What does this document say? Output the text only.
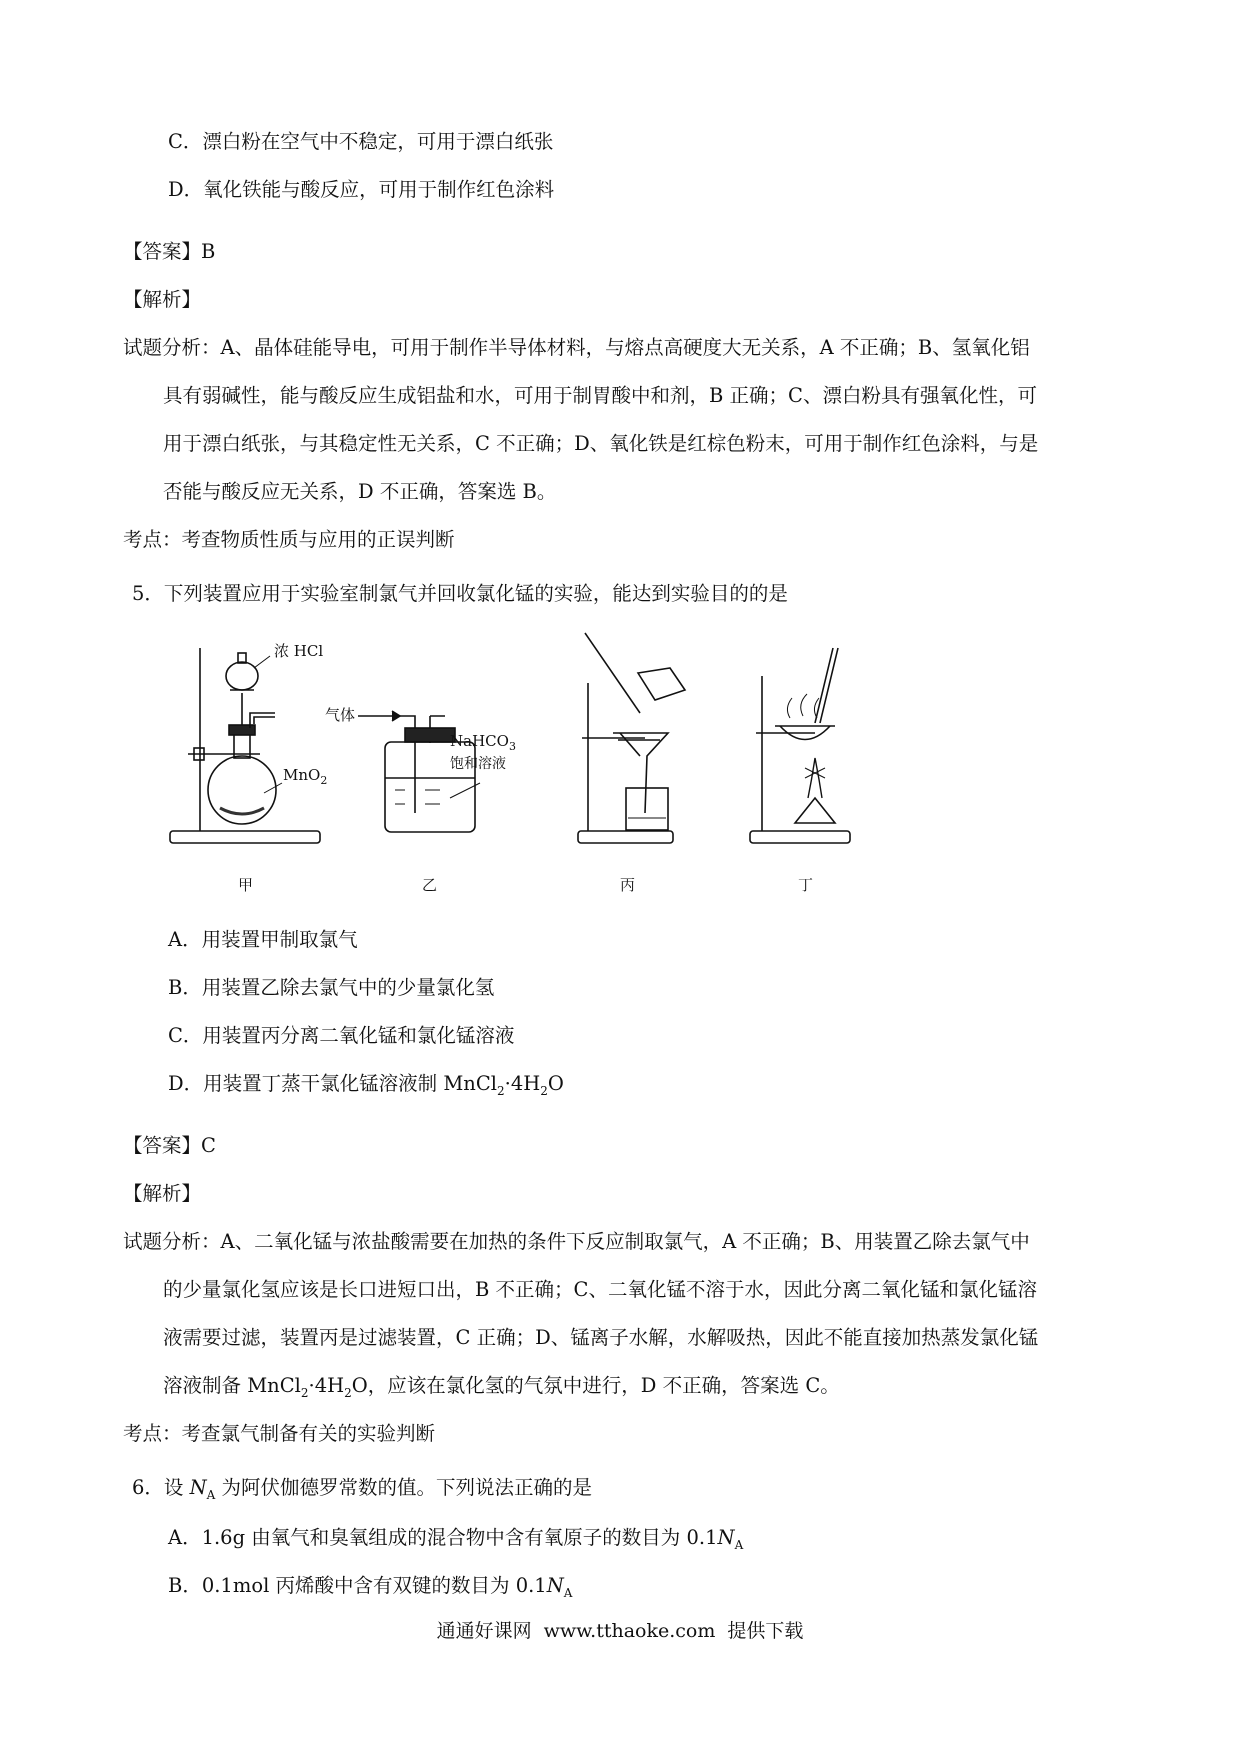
C．漂白粉在空气中不稳定，可用于漂白纸张
D．氧化铁能与酸反应，可用于制作红色涂料
【答案】B
【解析】
试题分析：A、晶体硅能导电，可用于制作半导体材料，与熔点高硬度大无关系，A 不正确；B、氢氧化铝
具有弱碱性，能与酸反应生成铝盐和水，可用于制胃酸中和剂，B 正确；C、漂白粉具有强氧化性，可
用于漂白纸张，与其稳定性无关系，C 不正确；D、氧化铁是红棕色粉末，可用于制作红色涂料，与是
否能与酸反应无关系，D 不正确，答案选 B。
考点：考查物质性质与应用的正误判断
5．下列装置应用于实验室制氯气并回收氯化锰的实验，能达到实验目的的是
浓 HCl
MnO$_2$
气体
NaHCO$_3$
饱和溶液
甲	乙	丙	丁
A．用装置甲制取氯气
B．用装置乙除去氯气中的少量氯化氢
C．用装置丙分离二氧化锰和氯化锰溶液
D．用装置丁蒸干氯化锰溶液制 $MnCl_2\cdot 4H_2O$
【答案】C
【解析】
试题分析：A、二氧化锰与浓盐酸需要在加热的条件下反应制取氯气，A 不正确；B、用装置乙除去氯气中
的少量氯化氢应该是长口进短口出，B 不正确；C、二氧化锰不溶于水，因此分离二氧化锰和氯化锰溶
液需要过滤，装置丙是过滤装置，C 正确；D、锰离子水解，水解吸热，因此不能直接加热蒸发氯化锰
溶液制备 $MnCl_2\cdot 4H_2O$，应该在氯化氢的气氛中进行，D 不正确，答案选 C。
考点：考查氯气制备有关的实验判断
6．设 $N_A$ 为阿伏伽德罗常数的值。下列说法正确的是
A．1.6g 由氧气和臭氧组成的混合物中含有氧原子的数目为 $0.1N_A$
B．0.1mol 丙烯酸中含有双键的数目为 $0.1N_A$
通通好课网 www.tthaoke.com 提供下载
